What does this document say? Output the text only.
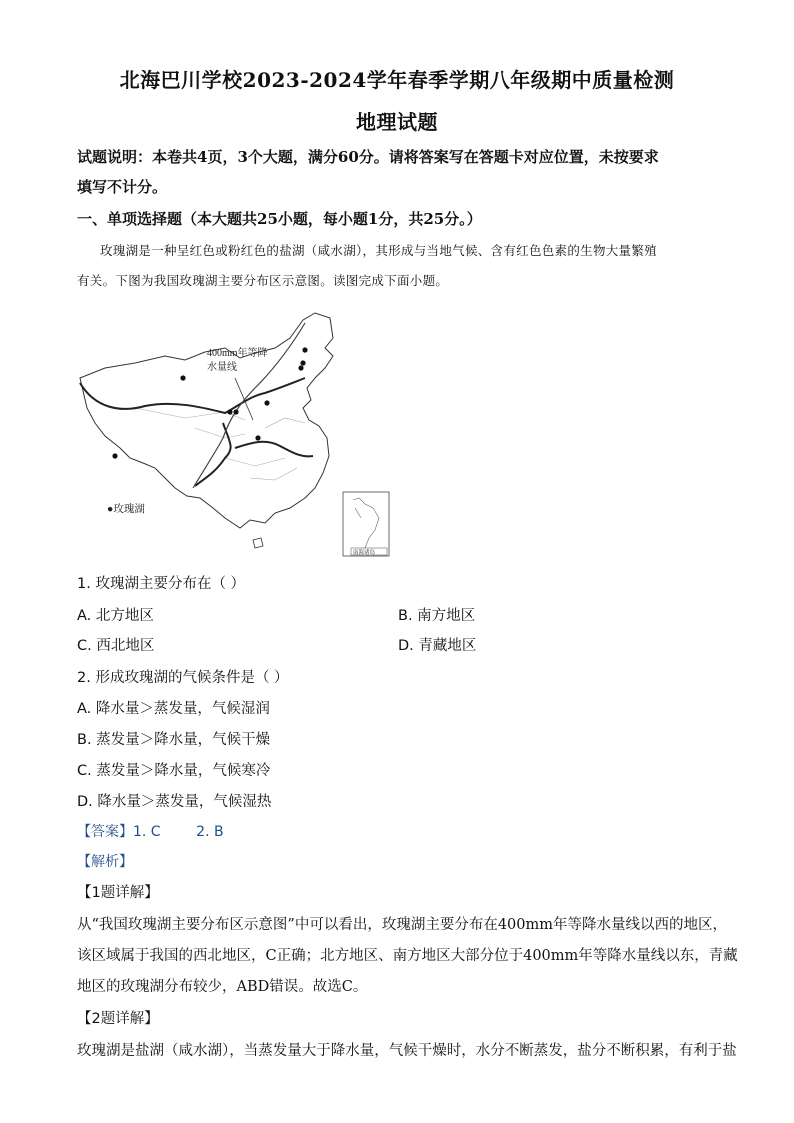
北海巴川学校2023-2024学年春季学期八年级期中质量检测
地理试题
试题说明：本卷共4页，3个大题，满分60分。请将答案写在答题卡对应位置，未按要求
填写不计分。
一、单项选择题（本大题共25小题，每小题1分，共25分。）
玫瑰湖是一种呈红色或粉红色的盐湖（咸水湖），其形成与当地气候、含有红色色素的生物大量繁殖
有关。下图为我国玫瑰湖主要分布区示意图。读图完成下面小题。
400mm年等降
水量线
●玫瑰湖
南海诸岛
1. 玫瑰湖主要分布在（ ）
A. 北方地区	B. 南方地区
C. 西北地区	D. 青藏地区
2. 形成玫瑰湖的气候条件是（ ）
A. 降水量＞蒸发量，气候湿润
B. 蒸发量＞降水量，气候干燥
C. 蒸发量＞降水量，气候寒冷
D. 降水量＞蒸发量，气候湿热
【答案】1. C        2. B
【解析】
【1题详解】
从“我国玫瑰湖主要分布区示意图”中可以看出，玫瑰湖主要分布在400mm年等降水量线以西的地区，
该区域属于我国的西北地区，C正确；北方地区、南方地区大部分位于400mm年等降水量线以东，青藏
地区的玫瑰湖分布较少，ABD错误。故选C。
【2题详解】
玫瑰湖是盐湖（咸水湖），当蒸发量大于降水量，气候干燥时，水分不断蒸发，盐分不断积累，有利于盐
